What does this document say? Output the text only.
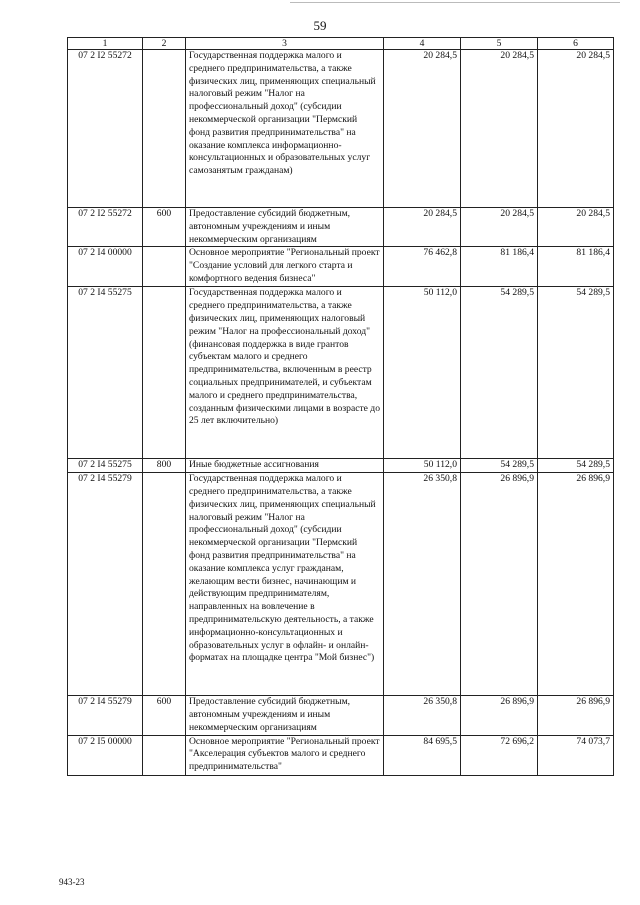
59
1	2	3	4	5	6
07 2 I2 55272		Государственная поддержка малого и среднего предпринимательства, а также физических лиц, применяющих специальный налоговый режим "Налог на профессиональный доход" (субсидии некоммерческой организации "Пермский фонд развития предпринимательства" на оказание комплекса информационно-консультационных и образовательных услуг самозанятым гражданам)	20 284,5	20 284,5	20 284,5
07 2 I2 55272	600	Предоставление субсидий бюджетным, автономным учреждениям и иным некоммерческим организациям	20 284,5	20 284,5	20 284,5
07 2 I4 00000		Основное мероприятие "Региональный проект "Создание условий для легкого старта и комфортного ведения бизнеса"	76 462,8	81 186,4	81 186,4
07 2 I4 55275		Государственная поддержка малого и среднего предпринимательства, а также физических лиц, применяющих налоговый режим "Налог на профессиональный доход" (финансовая поддержка в виде грантов субъектам малого и среднего предпринимательства, включенным в реестр социальных предпринимателей, и субъектам малого и среднего предпринимательства, созданным физическими лицами в возрасте до 25 лет включительно)	50 112,0	54 289,5	54 289,5
07 2 I4 55275	800	Иные бюджетные ассигнования	50 112,0	54 289,5	54 289,5
07 2 I4 55279		Государственная поддержка малого и среднего предпринимательства, а также физических лиц, применяющих специальный налоговый режим "Налог на профессиональный доход" (субсидии некоммерческой организации "Пермский фонд развития предпринимательства" на оказание комплекса услуг гражданам, желающим вести бизнес, начинающим и действующим предпринимателям, направленных на вовлечение в предпринимательскую деятельность, а также информационно-консультационных и образовательных услуг в офлайн- и онлайн-форматах на площадке центра "Мой бизнес")	26 350,8	26 896,9	26 896,9
07 2 I4 55279	600	Предоставление субсидий бюджетным, автономным учреждениям и иным некоммерческим организациям	26 350,8	26 896,9	26 896,9
07 2 I5 00000		Основное мероприятие "Региональный проект "Акселерация субъектов малого и среднего предпринимательства"	84 695,5	72 696,2	74 073,7
943-23
